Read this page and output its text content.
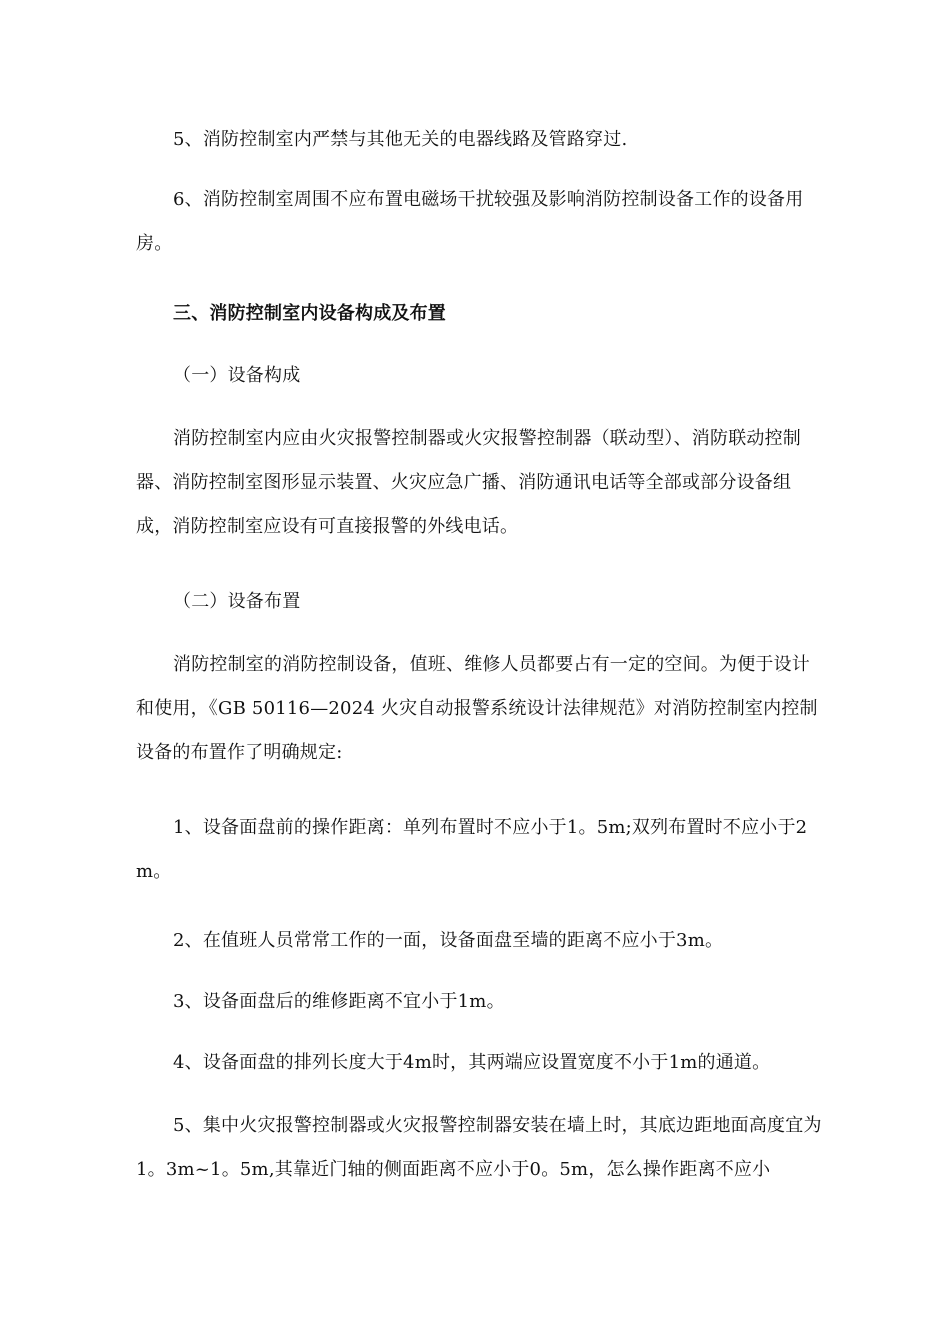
5、消防控制室内严禁与其他无关的电器线路及管路穿过.

6、消防控制室周围不应布置电磁场干扰较强及影响消防控制设备工作的设备用房。

三、消防控制室内设备构成及布置

（一）设备构成

消防控制室内应由火灾报警控制器或火灾报警控制器（联动型）、消防联动控制器、消防控制室图形显示装置、火灾应急广播、消防通讯电话等全部或部分设备组成，消防控制室应设有可直接报警的外线电话。

（二）设备布置

消防控制室的消防控制设备，值班、维修人员都要占有一定的空间。为便于设计和使用，《GB 50116—2024 火灾自动报警系统设计法律规范》对消防控制室内控制设备的布置作了明确规定:

1、设备面盘前的操作距离：单列布置时不应小于1。5m;双列布置时不应小于2m。

2、在值班人员常常工作的一面，设备面盘至墙的距离不应小于3m。

3、设备面盘后的维修距离不宜小于1m。

4、设备面盘的排列长度大于4m时，其两端应设置宽度不小于1m的通道。

5、集中火灾报警控制器或火灾报警控制器安装在墙上时，其底边距地面高度宜为1。3m~1。5m,其靠近门轴的侧面距离不应小于0。5m，怎么操作距离不应小
